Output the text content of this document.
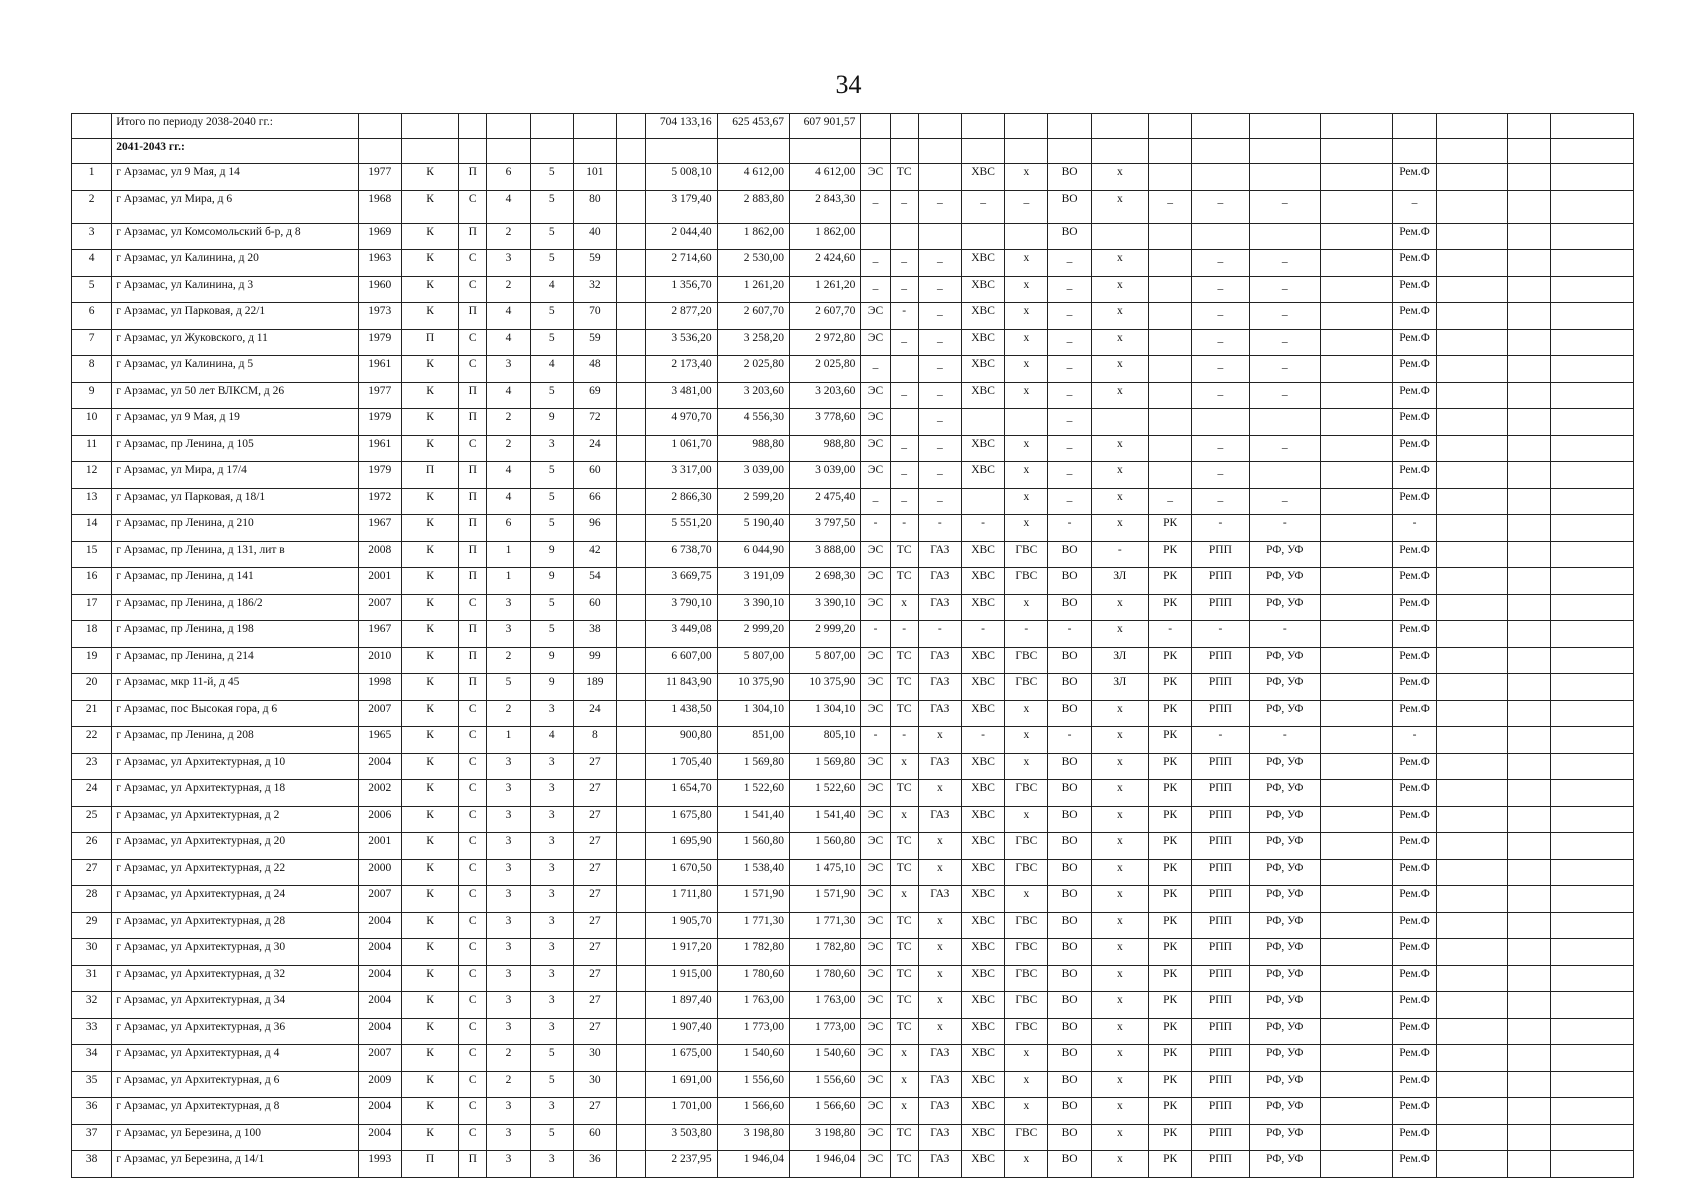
34
	Итого по периоду 2038-2040 гг.:								704 133,16	625 453,67	607 901,57															
	2041-2043 гг.:																									
1	г Арзамас, ул 9 Мая, д 14	1977	К	П	6	5	101		5 008,10	4 612,00	4 612,00	ЭС	ТС		ХВС	х	ВО	х					Рем.Ф			
2	г Арзамас, ул Мира, д 6	1968	К	С	4	5	80		3 179,40	2 883,80	2 843,30	_	_	_	_	_	ВО	х	_	_	_		_			
3	г Арзамас, ул Комсомольский б-р, д 8	1969	К	П	2	5	40		2 044,40	1 862,00	1 862,00						ВО						Рем.Ф			
4	г Арзамас, ул Калинина, д 20	1963	К	С	3	5	59		2 714,60	2 530,00	2 424,60	_	_	_	ХВС	х	_	х		_	_		Рем.Ф			
5	г Арзамас, ул Калинина, д 3	1960	К	С	2	4	32		1 356,70	1 261,20	1 261,20	_	_	_	ХВС	х	_	х		_	_		Рем.Ф			
6	г Арзамас, ул Парковая, д 22/1	1973	К	П	4	5	70		2 877,20	2 607,70	2 607,70	ЭС	-	_	ХВС	х	_	х		_	_		Рем.Ф			
7	г Арзамас, ул Жуковского, д 11	1979	П	С	4	5	59		3 536,20	3 258,20	2 972,80	ЭС	_	_	ХВС	х	_	х		_	_		Рем.Ф			
8	г Арзамас, ул Калинина, д 5	1961	К	С	3	4	48		2 173,40	2 025,80	2 025,80	_		_	ХВС	х	_	х		_	_		Рем.Ф			
9	г Арзамас, ул 50 лет ВЛКСМ, д 26	1977	К	П	4	5	69		3 481,00	3 203,60	3 203,60	ЭС	_	_	ХВС	х	_	х		_	_		Рем.Ф			
10	г Арзамас, ул 9 Мая, д 19	1979	К	П	2	9	72		4 970,70	4 556,30	3 778,60	ЭС		_			_						Рем.Ф			
11	г Арзамас, пр Ленина, д 105	1961	К	С	2	3	24		1 061,70	988,80	988,80	ЭС	_	_	ХВС	х	_	х		_	_		Рем.Ф			
12	г Арзамас, ул Мира, д 17/4	1979	П	П	4	5	60		3 317,00	3 039,00	3 039,00	ЭС	_	_	ХВС	х	_	х		_			Рем.Ф			
13	г Арзамас, ул Парковая, д 18/1	1972	К	П	4	5	66		2 866,30	2 599,20	2 475,40	_	_	_		х	_	х	_	_	_		Рем.Ф			
14	г Арзамас, пр Ленина, д 210	1967	К	П	6	5	96		5 551,20	5 190,40	3 797,50	-	-	-	-	х	-	х	РК	-	-		-			
15	г Арзамас, пр Ленина, д 131, лит в	2008	К	П	1	9	42		6 738,70	6 044,90	3 888,00	ЭС	ТС	ГАЗ	ХВС	ГВС	ВО	-	РК	РПП	РФ, УФ		Рем.Ф			
16	г Арзамас, пр Ленина, д 141	2001	К	П	1	9	54		3 669,75	3 191,09	2 698,30	ЭС	ТС	ГАЗ	ХВС	ГВС	ВО	ЗЛ	РК	РПП	РФ, УФ		Рем.Ф			
17	г Арзамас, пр Ленина, д 186/2	2007	К	С	3	5	60		3 790,10	3 390,10	3 390,10	ЭС	х	ГАЗ	ХВС	х	ВО	х	РК	РПП	РФ, УФ		Рем.Ф			
18	г Арзамас, пр Ленина, д 198	1967	К	П	3	5	38		3 449,08	2 999,20	2 999,20	-	-	-	-	-	-	х	-	-	-		Рем.Ф			
19	г Арзамас, пр Ленина, д 214	2010	К	П	2	9	99		6 607,00	5 807,00	5 807,00	ЭС	ТС	ГАЗ	ХВС	ГВС	ВО	ЗЛ	РК	РПП	РФ, УФ		Рем.Ф			
20	г Арзамас, мкр 11-й, д 45	1998	К	П	5	9	189		11 843,90	10 375,90	10 375,90	ЭС	ТС	ГАЗ	ХВС	ГВС	ВО	ЗЛ	РК	РПП	РФ, УФ		Рем.Ф			
21	г Арзамас, пос Высокая гора, д 6	2007	К	С	2	3	24		1 438,50	1 304,10	1 304,10	ЭС	ТС	ГАЗ	ХВС	х	ВО	х	РК	РПП	РФ, УФ		Рем.Ф			
22	г Арзамас, пр Ленина, д 208	1965	К	С	1	4	8		900,80	851,00	805,10	-	-	х	-	х	-	х	РК	-	-		-			
23	г Арзамас, ул Архитектурная, д 10	2004	К	С	3	3	27		1 705,40	1 569,80	1 569,80	ЭС	х	ГАЗ	ХВС	х	ВО	х	РК	РПП	РФ, УФ		Рем.Ф			
24	г Арзамас, ул Архитектурная, д 18	2002	К	С	3	3	27		1 654,70	1 522,60	1 522,60	ЭС	ТС	х	ХВС	ГВС	ВО	х	РК	РПП	РФ, УФ		Рем.Ф			
25	г Арзамас, ул Архитектурная, д 2	2006	К	С	3	3	27		1 675,80	1 541,40	1 541,40	ЭС	х	ГАЗ	ХВС	х	ВО	х	РК	РПП	РФ, УФ		Рем.Ф			
26	г Арзамас, ул Архитектурная, д 20	2001	К	С	3	3	27		1 695,90	1 560,80	1 560,80	ЭС	ТС	х	ХВС	ГВС	ВО	х	РК	РПП	РФ, УФ		Рем.Ф			
27	г Арзамас, ул Архитектурная, д 22	2000	К	С	3	3	27		1 670,50	1 538,40	1 475,10	ЭС	ТС	х	ХВС	ГВС	ВО	х	РК	РПП	РФ, УФ		Рем.Ф			
28	г Арзамас, ул Архитектурная, д 24	2007	К	С	3	3	27		1 711,80	1 571,90	1 571,90	ЭС	х	ГАЗ	ХВС	х	ВО	х	РК	РПП	РФ, УФ		Рем.Ф			
29	г Арзамас, ул Архитектурная, д 28	2004	К	С	3	3	27		1 905,70	1 771,30	1 771,30	ЭС	ТС	х	ХВС	ГВС	ВО	х	РК	РПП	РФ, УФ		Рем.Ф			
30	г Арзамас, ул Архитектурная, д 30	2004	К	С	3	3	27		1 917,20	1 782,80	1 782,80	ЭС	ТС	х	ХВС	ГВС	ВО	х	РК	РПП	РФ, УФ		Рем.Ф			
31	г Арзамас, ул Архитектурная, д 32	2004	К	С	3	3	27		1 915,00	1 780,60	1 780,60	ЭС	ТС	х	ХВС	ГВС	ВО	х	РК	РПП	РФ, УФ		Рем.Ф			
32	г Арзамас, ул Архитектурная, д 34	2004	К	С	3	3	27		1 897,40	1 763,00	1 763,00	ЭС	ТС	х	ХВС	ГВС	ВО	х	РК	РПП	РФ, УФ		Рем.Ф			
33	г Арзамас, ул Архитектурная, д 36	2004	К	С	3	3	27		1 907,40	1 773,00	1 773,00	ЭС	ТС	х	ХВС	ГВС	ВО	х	РК	РПП	РФ, УФ		Рем.Ф			
34	г Арзамас, ул Архитектурная, д 4	2007	К	С	2	5	30		1 675,00	1 540,60	1 540,60	ЭС	х	ГАЗ	ХВС	х	ВО	х	РК	РПП	РФ, УФ		Рем.Ф			
35	г Арзамас, ул Архитектурная, д 6	2009	К	С	2	5	30		1 691,00	1 556,60	1 556,60	ЭС	х	ГАЗ	ХВС	х	ВО	х	РК	РПП	РФ, УФ		Рем.Ф			
36	г Арзамас, ул Архитектурная, д 8	2004	К	С	3	3	27		1 701,00	1 566,60	1 566,60	ЭС	х	ГАЗ	ХВС	х	ВО	х	РК	РПП	РФ, УФ		Рем.Ф			
37	г Арзамас, ул Березина, д 100	2004	К	С	3	5	60		3 503,80	3 198,80	3 198,80	ЭС	ТС	ГАЗ	ХВС	ГВС	ВО	х	РК	РПП	РФ, УФ		Рем.Ф			
38	г Арзамас, ул Березина, д 14/1	1993	П	П	3	3	36		2 237,95	1 946,04	1 946,04	ЭС	ТС	ГАЗ	ХВС	х	ВО	х	РК	РПП	РФ, УФ		Рем.Ф			
